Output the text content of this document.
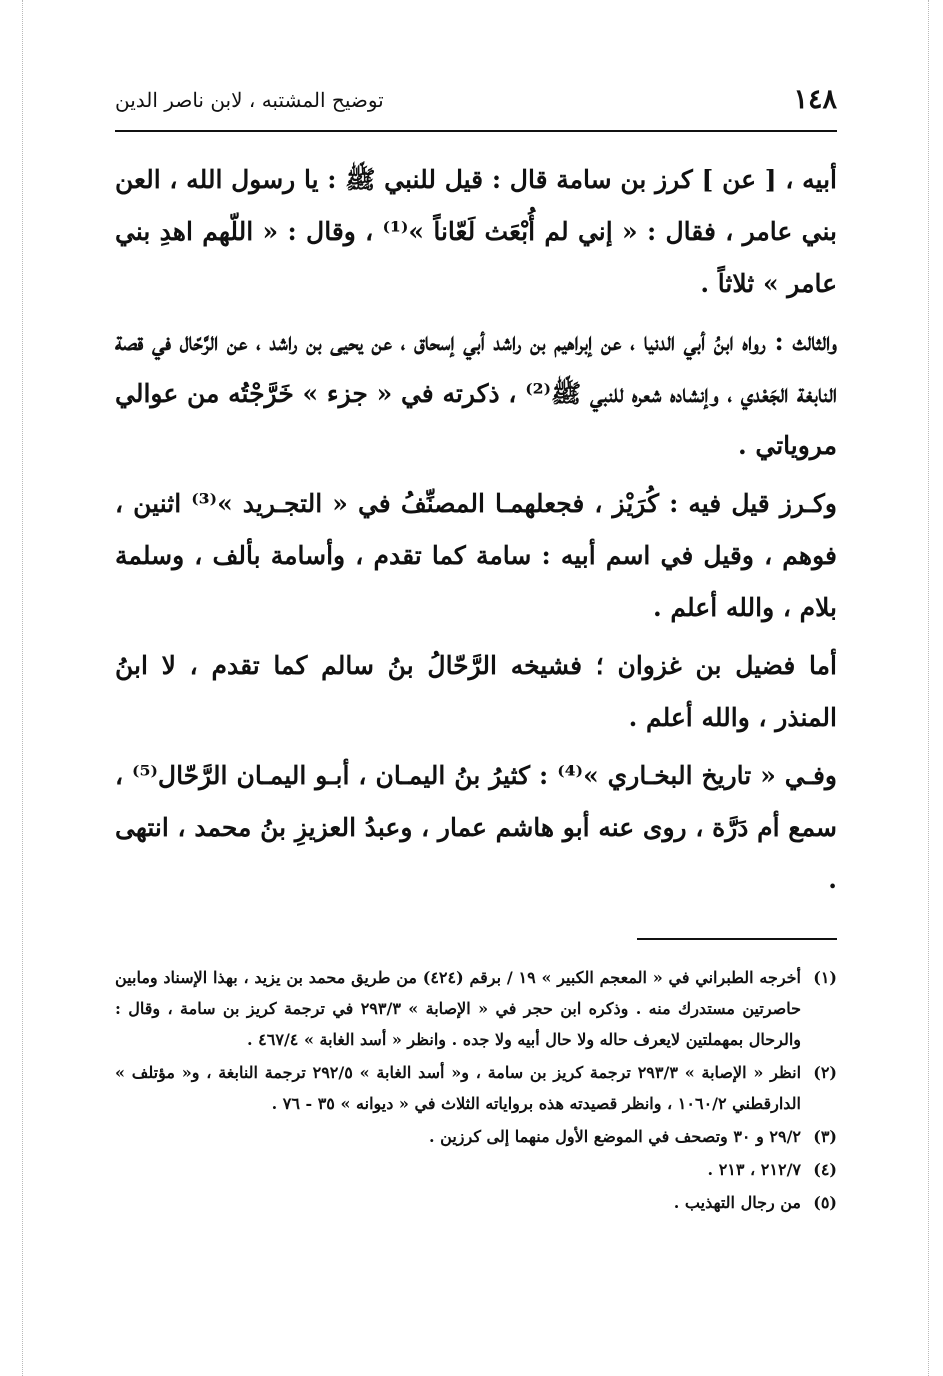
١٤٨
توضيح المشتبه ، لابن ناصر الدين

أبيه ، [ عن ] كرز بن سامة قال : قيل للنبي ﷺ : يا رسول الله ، العن بني عامر ، فقال : « إني لم أُبْعَث لَعّاناً »⁽¹⁾ ، وقال : « اللّهم اهدِ بني عامر » ثلاثاً .

والثالث : رواه ابنُ أبي الدنيا ، عن إبراهيم بن راشد أبي إسحاق ، عن يحيى بن راشد ، عن الرَّحّال في قصة النابغة الجَعْدي ، وإنشاده شعره للنبي ﷺ⁽²⁾ ، ذكرته في « جزء » خَرَّجْتُه من عوالي مروياتي .

وكـرز قيل فيه : كُرَيْز ، فجعلهمـا المصنِّفُ في « التجـريد »⁽³⁾ اثنين ، فوهم ، وقيل في اسم أبيه : سامة كما تقدم ، وأسامة بألف ، وسلمة بلام ، والله أعلم .

أما فضيل بن غزوان ؛ فشيخه الرَّحّالُ بنُ سالم كما تقدم ، لا ابنُ المنذر ، والله أعلم .

وفـي « تاريخ البخـاري »⁽⁴⁾ : كثيرُ بنُ اليمـان ، أبـو اليمـان الرَّحّال⁽⁵⁾ ، سمع أم دَرَّة ، روى عنه أبو هاشم عمار ، وعبدُ العزيزِ بنُ محمد ، انتهى .

(١)
أخرجه الطبراني في « المعجم الكبير » ١٩ / برقم (٤٢٤) من طريق محمد بن يزيد ، بهذا الإسناد ومابين حاصرتين مستدرك منه . وذكره ابن حجر في « الإصابة » ٢٩٣/٣ في ترجمة كريز بن سامة ، وقال : والرحال بمهملتين لايعرف حاله ولا حال أبيه ولا جده . وانظر « أسد الغابة » ٤٦٧/٤ .
(٢)
انظر « الإصابة » ٢٩٣/٣ ترجمة كريز بن سامة ، و« أسد الغابة » ٢٩٢/٥ ترجمة النابغة ، و« مؤتلف » الدارقطني ١٠٦٠/٢ ، وانظر قصيدته هذه برواياته الثلاث في « ديوانه » ٣٥ - ٧٦ .
(٣)
٢٩/٢ و ٣٠ وتصحف في الموضع الأول منهما إلى كرزين .
(٤)
٢١٢/٧ ، ٢١٣ .
(٥)
من رجال التهذيب .
